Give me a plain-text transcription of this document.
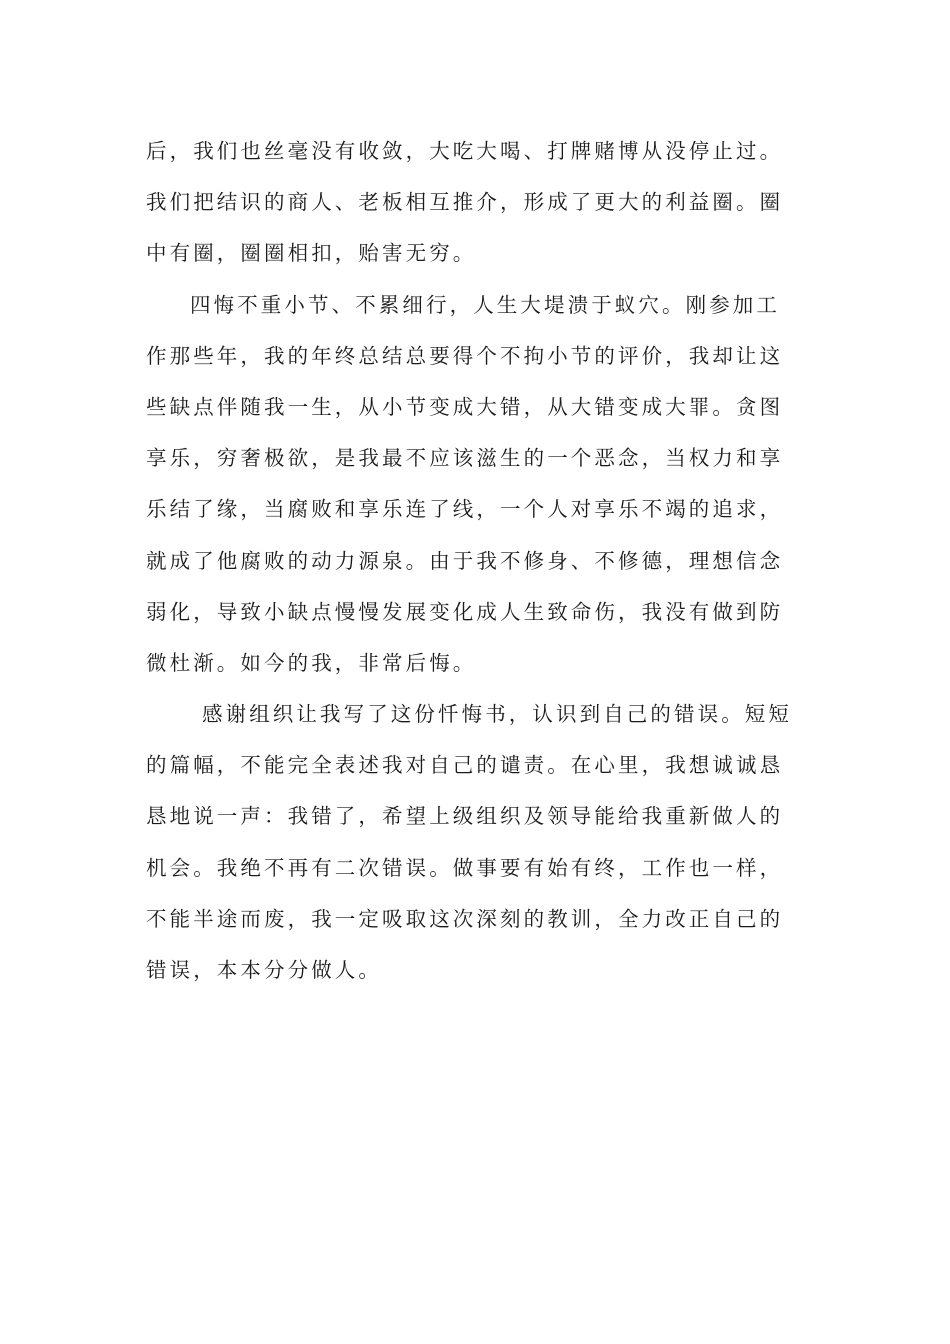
后，我们也丝毫没有收敛，大吃大喝、打牌赌博从没停止过。
我们把结识的商人、老板相互推介，形成了更大的利益圈。圈
中有圈，圈圈相扣，贻害无穷。
四悔不重小节、不累细行，人生大堤溃于蚁穴。刚参加工
作那些年，我的年终总结总要得个不拘小节的评价，我却让这
些缺点伴随我一生，从小节变成大错，从大错变成大罪。贪图
享乐，穷奢极欲，是我最不应该滋生的一个恶念，当权力和享
乐结了缘，当腐败和享乐连了线，一个人对享乐不竭的追求，
就成了他腐败的动力源泉。由于我不修身、不修德，理想信念
弱化，导致小缺点慢慢发展变化成人生致命伤，我没有做到防
微杜渐。如今的我，非常后悔。
感谢组织让我写了这份忏悔书，认识到自己的错误。短短
的篇幅，不能完全表述我对自己的谴责。在心里，我想诚诚恳
恳地说一声：我错了，希望上级组织及领导能给我重新做人的
机会。我绝不再有二次错误。做事要有始有终，工作也一样，
不能半途而废，我一定吸取这次深刻的教训，全力改正自己的
错误，本本分分做人。
